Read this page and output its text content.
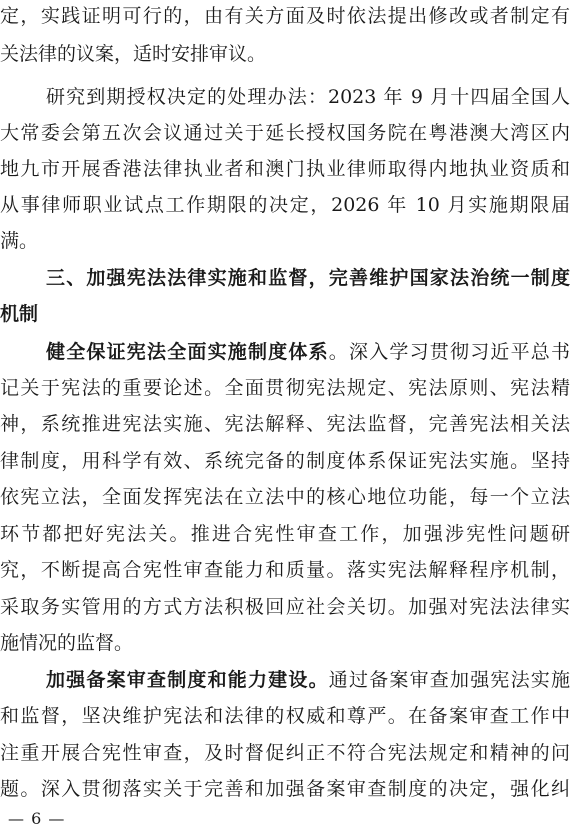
定，实践证明可行的，由有关方面及时依法提出修改或者制定有
关法律的议案，适时安排审议。
研究到期授权决定的处理办法：2023 年 9 月十四届全国人
大常委会第五次会议通过关于延长授权国务院在粤港澳大湾区内
地九市开展香港法律执业者和澳门执业律师取得内地执业资质和
从事律师职业试点工作期限的决定，2026 年 10 月实施期限届
满。
三、加强宪法法律实施和监督，完善维护国家法治统一制度
机制
健全保证宪法全面实施制度体系。深入学习贯彻习近平总书
记关于宪法的重要论述。全面贯彻宪法规定、宪法原则、宪法精
神，系统推进宪法实施、宪法解释、宪法监督，完善宪法相关法
律制度，用科学有效、系统完备的制度体系保证宪法实施。坚持
依宪立法，全面发挥宪法在立法中的核心地位功能，每一个立法
环节都把好宪法关。推进合宪性审查工作，加强涉宪性问题研
究，不断提高合宪性审查能力和质量。落实宪法解释程序机制，
采取务实管用的方式方法积极回应社会关切。加强对宪法法律实
施情况的监督。
加强备案审查制度和能力建设。通过备案审查加强宪法实施
和监督，坚决维护宪法和法律的权威和尊严。在备案审查工作中
注重开展合宪性审查，及时督促纠正不符合宪法规定和精神的问
题。深入贯彻落实关于完善和加强备案审查制度的决定，强化纠
— 6 —
